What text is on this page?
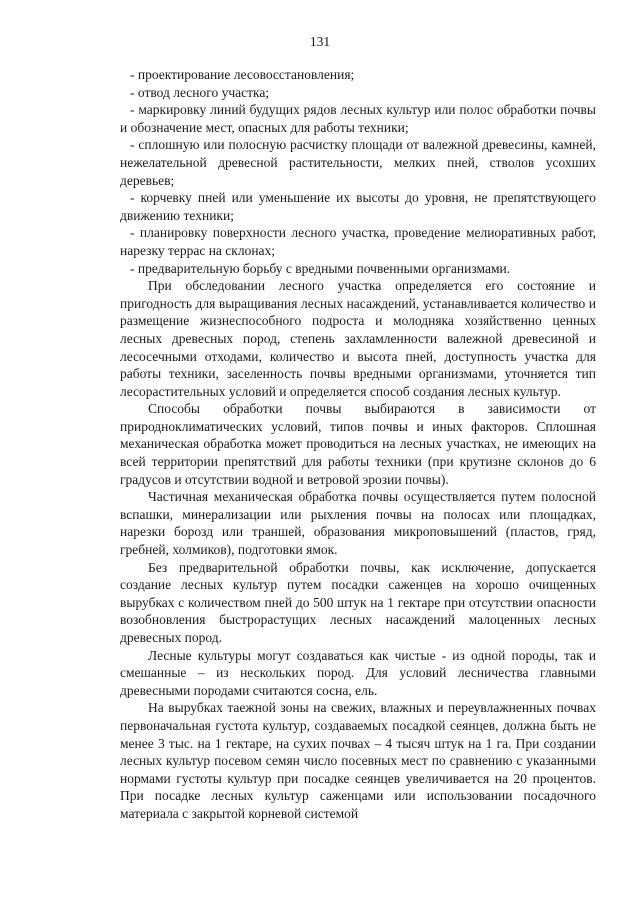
131

- проектирование лесовосстановления;

- отвод лесного участка;

- маркировку линий будущих рядов лесных культур или полос обработки почвы и обозначение мест, опасных для работы техники;

- сплошную или полосную расчистку площади от валежной древесины, камней, нежелательной древесной растительности, мелких пней, стволов усохших деревьев;

- корчевку пней или уменьшение их высоты до уровня, не препятствующего движению техники;

- планировку поверхности лесного участка, проведение мелиоративных работ, нарезку террас на склонах;

- предварительную борьбу с вредными почвенными организмами.

При обследовании лесного участка определяется его состояние и пригодность для выращивания лесных насаждений, устанавливается количество и размещение жизнеспособного подроста и молодняка хозяйственно ценных лесных древесных пород, степень захламленности валежной древесиной и лесосечными отходами, количество и высота пней, доступность участка для работы техники, заселенность почвы вредными организмами, уточняется тип лесорастительных условий и определяется способ создания лесных культур.

Способы обработки почвы выбираются в зависимости от природноклиматических условий, типов почвы и иных факторов. Сплошная механическая обработка может проводиться на лесных участках, не имеющих на всей территории препятствий для работы техники (при крутизне склонов до 6 градусов и отсутствии водной и ветровой эрозии почвы).

Частичная механическая обработка почвы осуществляется путем полосной вспашки, минерализации или рыхления почвы на полосах или площадках, нарезки борозд или траншей, образования микроповышений (пластов, гряд, гребней, холмиков), подготовки ямок.

Без предварительной обработки почвы, как исключение, допускается создание лесных культур путем посадки саженцев на хорошо очищенных вырубках с количеством пней до 500 штук на 1 гектаре при отсутствии опасности возобновления быстрорастущих лесных насаждений малоценных лесных древесных пород.

Лесные культуры могут создаваться как чистые - из одной породы, так и смешанные – из нескольких пород. Для условий лесничества главными древесными породами считаются сосна, ель.

На вырубках таежной зоны на свежих, влажных и переувлажненных почвах первоначальная густота культур, создаваемых посадкой сеянцев, должна быть не менее 3 тыс. на 1 гектаре, на сухих почвах – 4 тысяч штук на 1 га. При создании лесных культур посевом семян число посевных мест по сравнению с указанными нормами густоты культур при посадке сеянцев увеличивается на 20 процентов. При посадке лесных культур саженцами или использовании посадочного материала с закрытой корневой системой
